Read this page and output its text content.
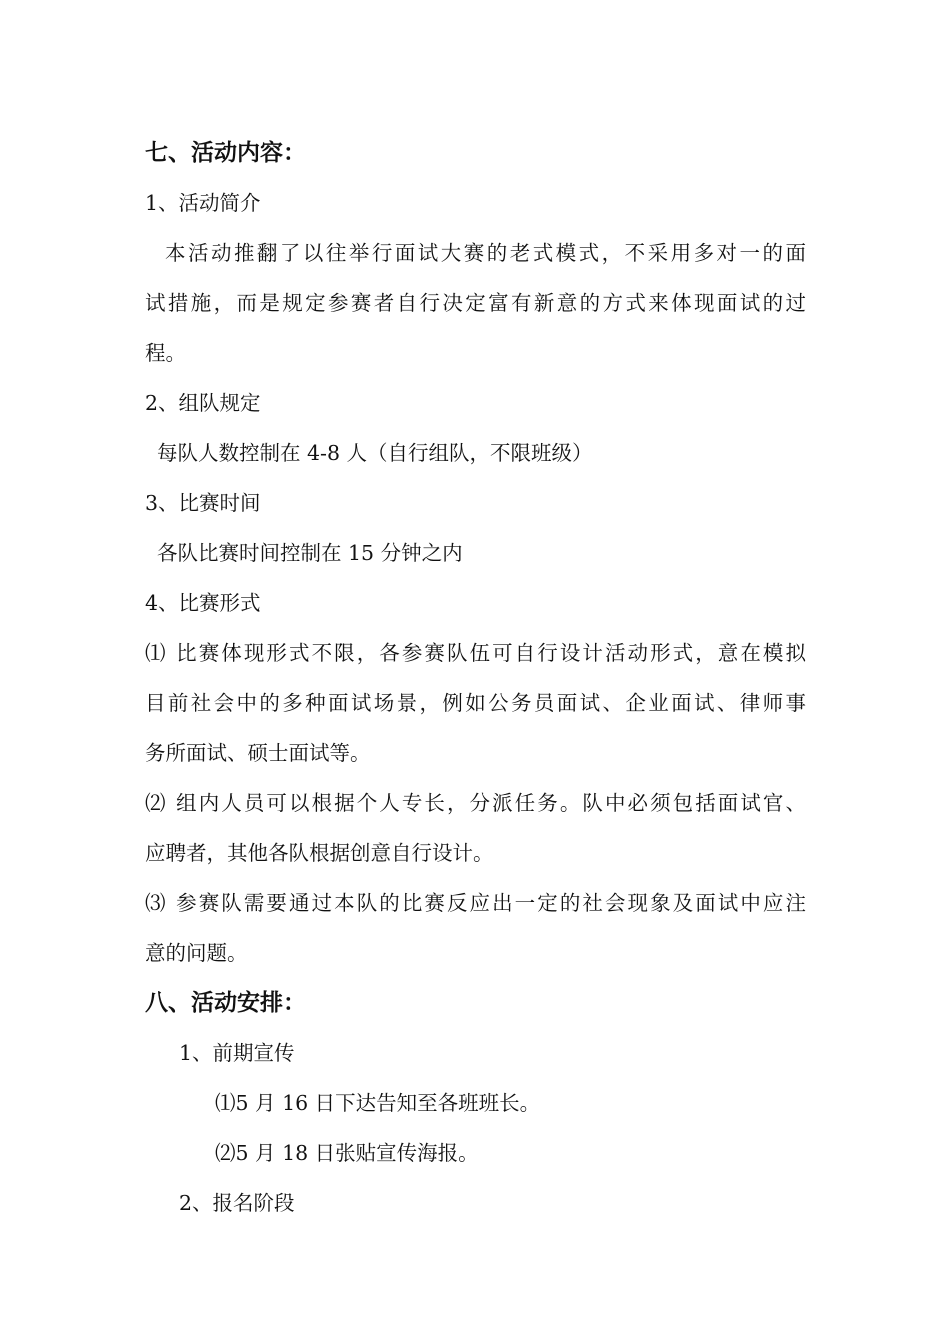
七、活动内容：
1、活动简介
本活动推翻了以往举行面试大赛的老式模式，不采用多对一的面
试措施，而是规定参赛者自行决定富有新意的方式来体现面试的过
程。
2、组队规定
每队人数控制在 4-8 人（自行组队，不限班级）
3、比赛时间
各队比赛时间控制在 15 分钟之内
4、比赛形式
⑴ 比赛体现形式不限，各参赛队伍可自行设计活动形式，意在模拟
目前社会中的多种面试场景，例如公务员面试、企业面试、律师事
务所面试、硕士面试等。
⑵ 组内人员可以根据个人专长，分派任务。队中必须包括面试官、
应聘者，其他各队根据创意自行设计。
⑶ 参赛队需要通过本队的比赛反应出一定的社会现象及面试中应注
意的问题。
八、活动安排：
1、前期宣传
⑴5 月 16 日下达告知至各班班长。
⑵5 月 18 日张贴宣传海报。
2、报名阶段
